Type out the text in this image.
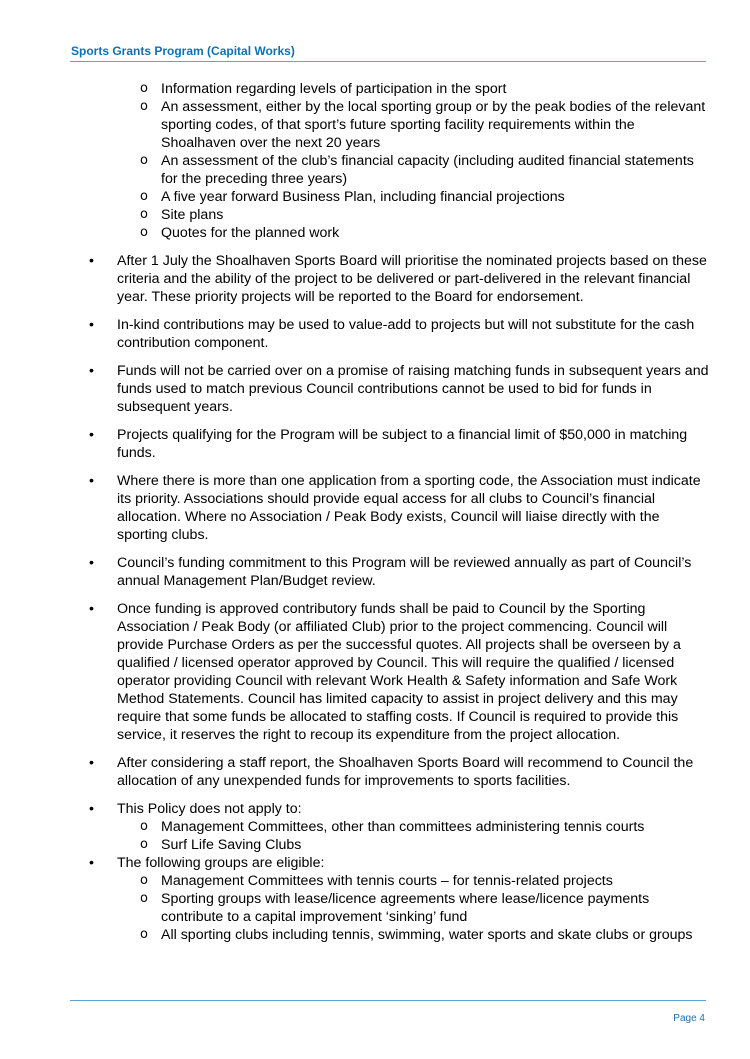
Sports Grants Program (Capital Works)
o Information regarding levels of participation in the sport
o An assessment, either by the local sporting group or by the peak bodies of the relevant sporting codes, of that sport’s future sporting facility requirements within the Shoalhaven over the next 20 years
o An assessment of the club’s financial capacity (including audited financial statements for the preceding three years)
o A five year forward Business Plan, including financial projections
o Site plans
o Quotes for the planned work
• After 1 July the Shoalhaven Sports Board will prioritise the nominated projects based on these criteria and the ability of the project to be delivered or part-delivered in the relevant financial year. These priority projects will be reported to the Board for endorsement.
• In-kind contributions may be used to value-add to projects but will not substitute for the cash contribution component.
• Funds will not be carried over on a promise of raising matching funds in subsequent years and funds used to match previous Council contributions cannot be used to bid for funds in subsequent years.
• Projects qualifying for the Program will be subject to a financial limit of $50,000 in matching funds.
• Where there is more than one application from a sporting code, the Association must indicate its priority. Associations should provide equal access for all clubs to Council’s financial allocation. Where no Association / Peak Body exists, Council will liaise directly with the sporting clubs.
• Council’s funding commitment to this Program will be reviewed annually as part of Council’s annual Management Plan/Budget review.
• Once funding is approved contributory funds shall be paid to Council by the Sporting Association / Peak Body (or affiliated Club) prior to the project commencing. Council will provide Purchase Orders as per the successful quotes. All projects shall be overseen by a qualified / licensed operator approved by Council. This will require the qualified / licensed operator providing Council with relevant Work Health & Safety information and Safe Work Method Statements. Council has limited capacity to assist in project delivery and this may require that some funds be allocated to staffing costs. If Council is required to provide this service, it reserves the right to recoup its expenditure from the project allocation.
• After considering a staff report, the Shoalhaven Sports Board will recommend to Council the allocation of any unexpended funds for improvements to sports facilities.
• This Policy does not apply to:
o Management Committees, other than committees administering tennis courts
o Surf Life Saving Clubs
• The following groups are eligible:
o Management Committees with tennis courts – for tennis-related projects
o Sporting groups with lease/licence agreements where lease/licence payments contribute to a capital improvement ‘sinking’ fund
o All sporting clubs including tennis, swimming, water sports and skate clubs or groups
Page 4
